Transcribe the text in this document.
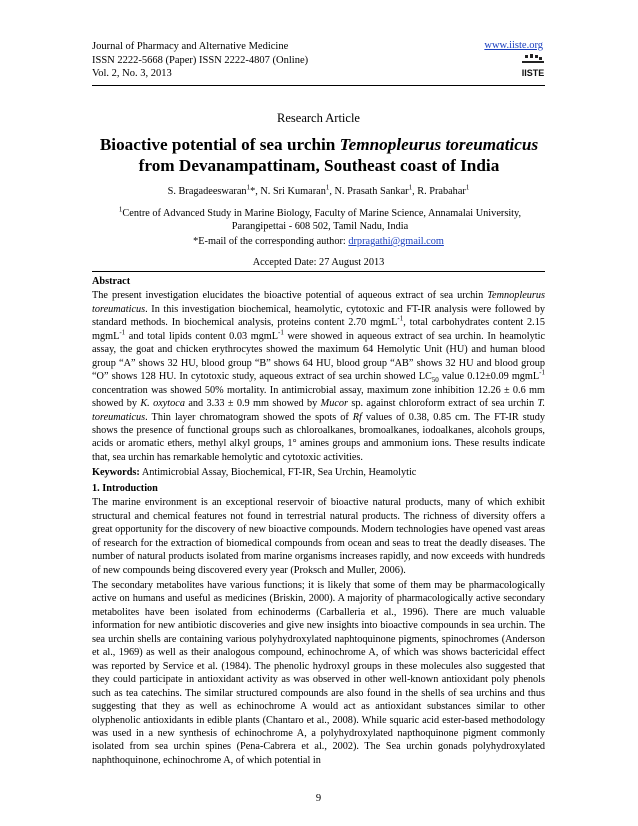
Journal of Pharmacy and Alternative Medicine
ISSN 2222-5668 (Paper) ISSN 2222-4807 (Online)
Vol. 2, No. 3, 2013
www.iiste.org
IISTE
Research Article
Bioactive potential of sea urchin Temnopleurus toreumaticus
from Devanampattinam, Southeast coast of India
S. Bragadeeswaran$^1$*, N. Sri Kumaran$^1$, N. Prasath Sankar$^1$, R. Prabahar$^1$
$^1$Centre of Advanced Study in Marine Biology, Faculty of Marine Science, Annamalai University, Parangipettai - 608 502, Tamil Nadu, India
*E-mail of the corresponding author: drpragathi@gmail.com
Accepted Date: 27 August 2013
Abstract

The present investigation elucidates the bioactive potential of aqueous extract of sea urchin Temnopleurus toreumaticus. In this investigation biochemical, heamolytic, cytotoxic and FT-IR analysis were followed by standard methods. In biochemical analysis, proteins content 2.70 mgmL$^{-1}$, total carbohydrates content 2.15 mgmL$^{-1}$ and total lipids content 0.03 mgmL$^{-1}$ were showed in aqueous extract of sea urchin. In heamolytic assay, the goat and chicken erythrocytes showed the maximum 64 Hemolytic Unit (HU) and human blood group “A” shows 32 HU, blood group “B” shows 64 HU, blood group “AB” shows 32 HU and blood group “O” shows 128 HU. In cytotoxic study, aqueous extract of sea urchin showed $LC_{50}$ value 0.12±0.09 mgmL$^{-1}$ concentration was showed 50% mortality. In antimicrobial assay, maximum zone inhibition 12.26 ± 0.6 mm showed by K. oxytoca and 3.33 ± 0.9 mm showed by Mucor sp. against chloroform extract of sea urchin T. toreumaticus. Thin layer chromatogram showed the spots of Rf values of 0.38, 0.85 cm. The FT-IR study shows the presence of functional groups such as chloroalkanes, bromoalkanes, iodoalkanes, alcohols groups, acids or aromatic ethers, methyl alkyl groups, 1° amines groups and ammonium ions. These results indicate that, sea urchin has remarkable hemolytic and cytotoxic activities.

Keywords: Antimicrobial Assay, Biochemical, FT-IR, Sea Urchin, Heamolytic

1. Introduction

The marine environment is an exceptional reservoir of bioactive natural products, many of which exhibit structural and chemical features not found in terrestrial natural products. The richness of diversity offers a great opportunity for the discovery of new bioactive compounds. Modern technologies have opened vast areas of research for the extraction of biomedical compounds from ocean and seas to treat the deadly diseases. The number of natural products isolated from marine organisms increases rapidly, and now exceeds with hundreds of new compounds being discovered every year (Proksch and Muller, 2006).

The secondary metabolites have various functions; it is likely that some of them may be pharmacologically active on humans and useful as medicines (Briskin, 2000). A majority of pharmacologically active secondary metabolites have been isolated from echinoderms (Carballeria et al., 1996). There are much valuable information for new antibiotic discoveries and give new insights into bioactive compounds in sea urchin. The sea urchin shells are containing various polyhydroxylated naphtoquinone pigments, spinochromes (Anderson et al., 1969) as well as their analogous compound, echinochrome A, of which was shows bactericidal effect was reported by Service et al. (1984). The phenolic hydroxyl groups in these molecules also suggested that they could participate in antioxidant activity as was observed in other well-known antioxidant poly phenols such as tea catechins. The similar structured compounds are also found in the shells of sea urchins and thus suggesting that they as well as echinochrome A would act as antioxidant substances similar to other olyphenolic antioxidants in edible plants (Chantaro et al., 2008). While squaric acid ester-based methodology was used in a new synthesis of echinochrome A, a polyhydroxylated napthoquinone pigment commonly isolated from sea urchin spines (Pena-Cabrera et al., 2002). The Sea urchin gonads polyhydroxylated naphthoquinone, echinochrome A, of which potential in

9
